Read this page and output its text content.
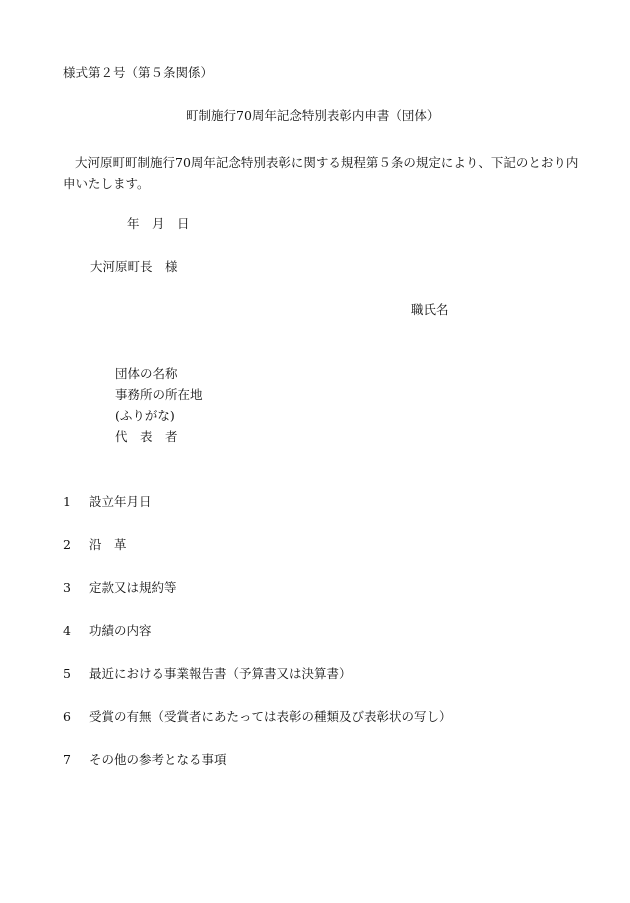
様式第２号（第５条関係）
町制施行70周年記念特別表彰内申書（団体）
大河原町町制施行70周年記念特別表彰に関する規程第５条の規定により、下記のとおり内申いたします。
年　月　日
大河原町長　様
職氏名
団体の名称
事務所の所在地
(ふりがな)
代　表　者
1 設立年月日
2 沿　革
3 定款又は規約等
4 功績の内容
5 最近における事業報告書（予算書又は決算書）
6 受賞の有無（受賞者にあたっては表彰の種類及び表彰状の写し）
7 その他の参考となる事項
